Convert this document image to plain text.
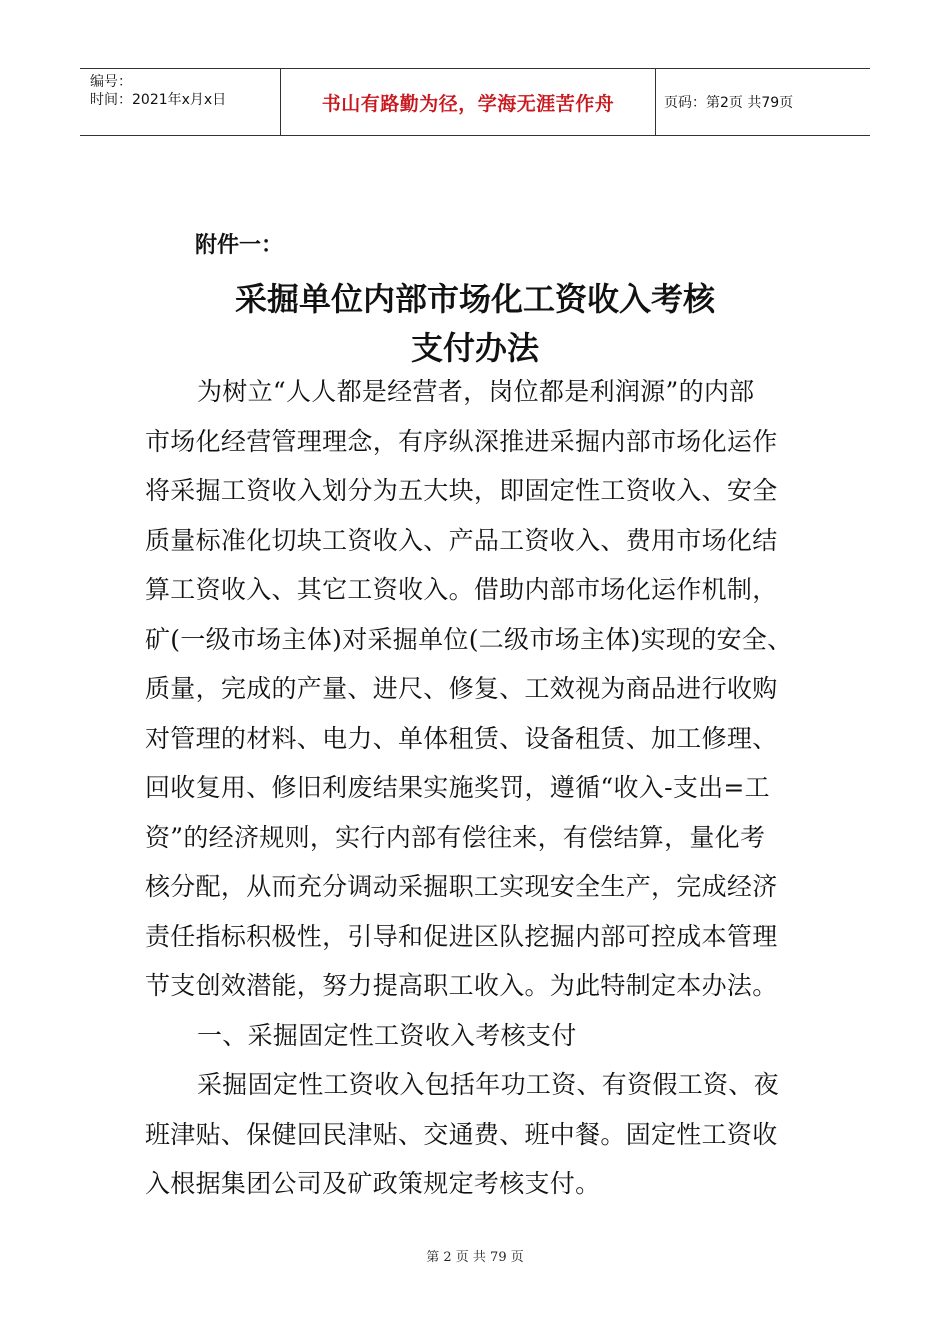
编号：
时间：2021年x月x日	书山有路勤为径，学海无涯苦作舟	页码：第2页 共79页
附件一：
采掘单位内部市场化工资收入考核
支付办法
为树立“人人都是经营者，岗位都是利润源”的内部
市场化经营管理理念，有序纵深推进采掘内部市场化运作
将采掘工资收入划分为五大块，即固定性工资收入、安全
质量标准化切块工资收入、产品工资收入、费用市场化结
算工资收入、其它工资收入。借助内部市场化运作机制，
矿(一级市场主体)对采掘单位(二级市场主体)实现的安全、
质量，完成的产量、进尺、修复、工效视为商品进行收购
对管理的材料、电力、单体租赁、设备租赁、加工修理、
回收复用、修旧利废结果实施奖罚，遵循“收入-支出=工
资”的经济规则，实行内部有偿往来，有偿结算，量化考
核分配，从而充分调动采掘职工实现安全生产，完成经济
责任指标积极性，引导和促进区队挖掘内部可控成本管理
节支创效潜能，努力提高职工收入。为此特制定本办法。
一、采掘固定性工资收入考核支付
采掘固定性工资收入包括年功工资、有资假工资、夜
班津贴、保健回民津贴、交通费、班中餐。固定性工资收
入根据集团公司及矿政策规定考核支付。
第 2 页 共 79 页
